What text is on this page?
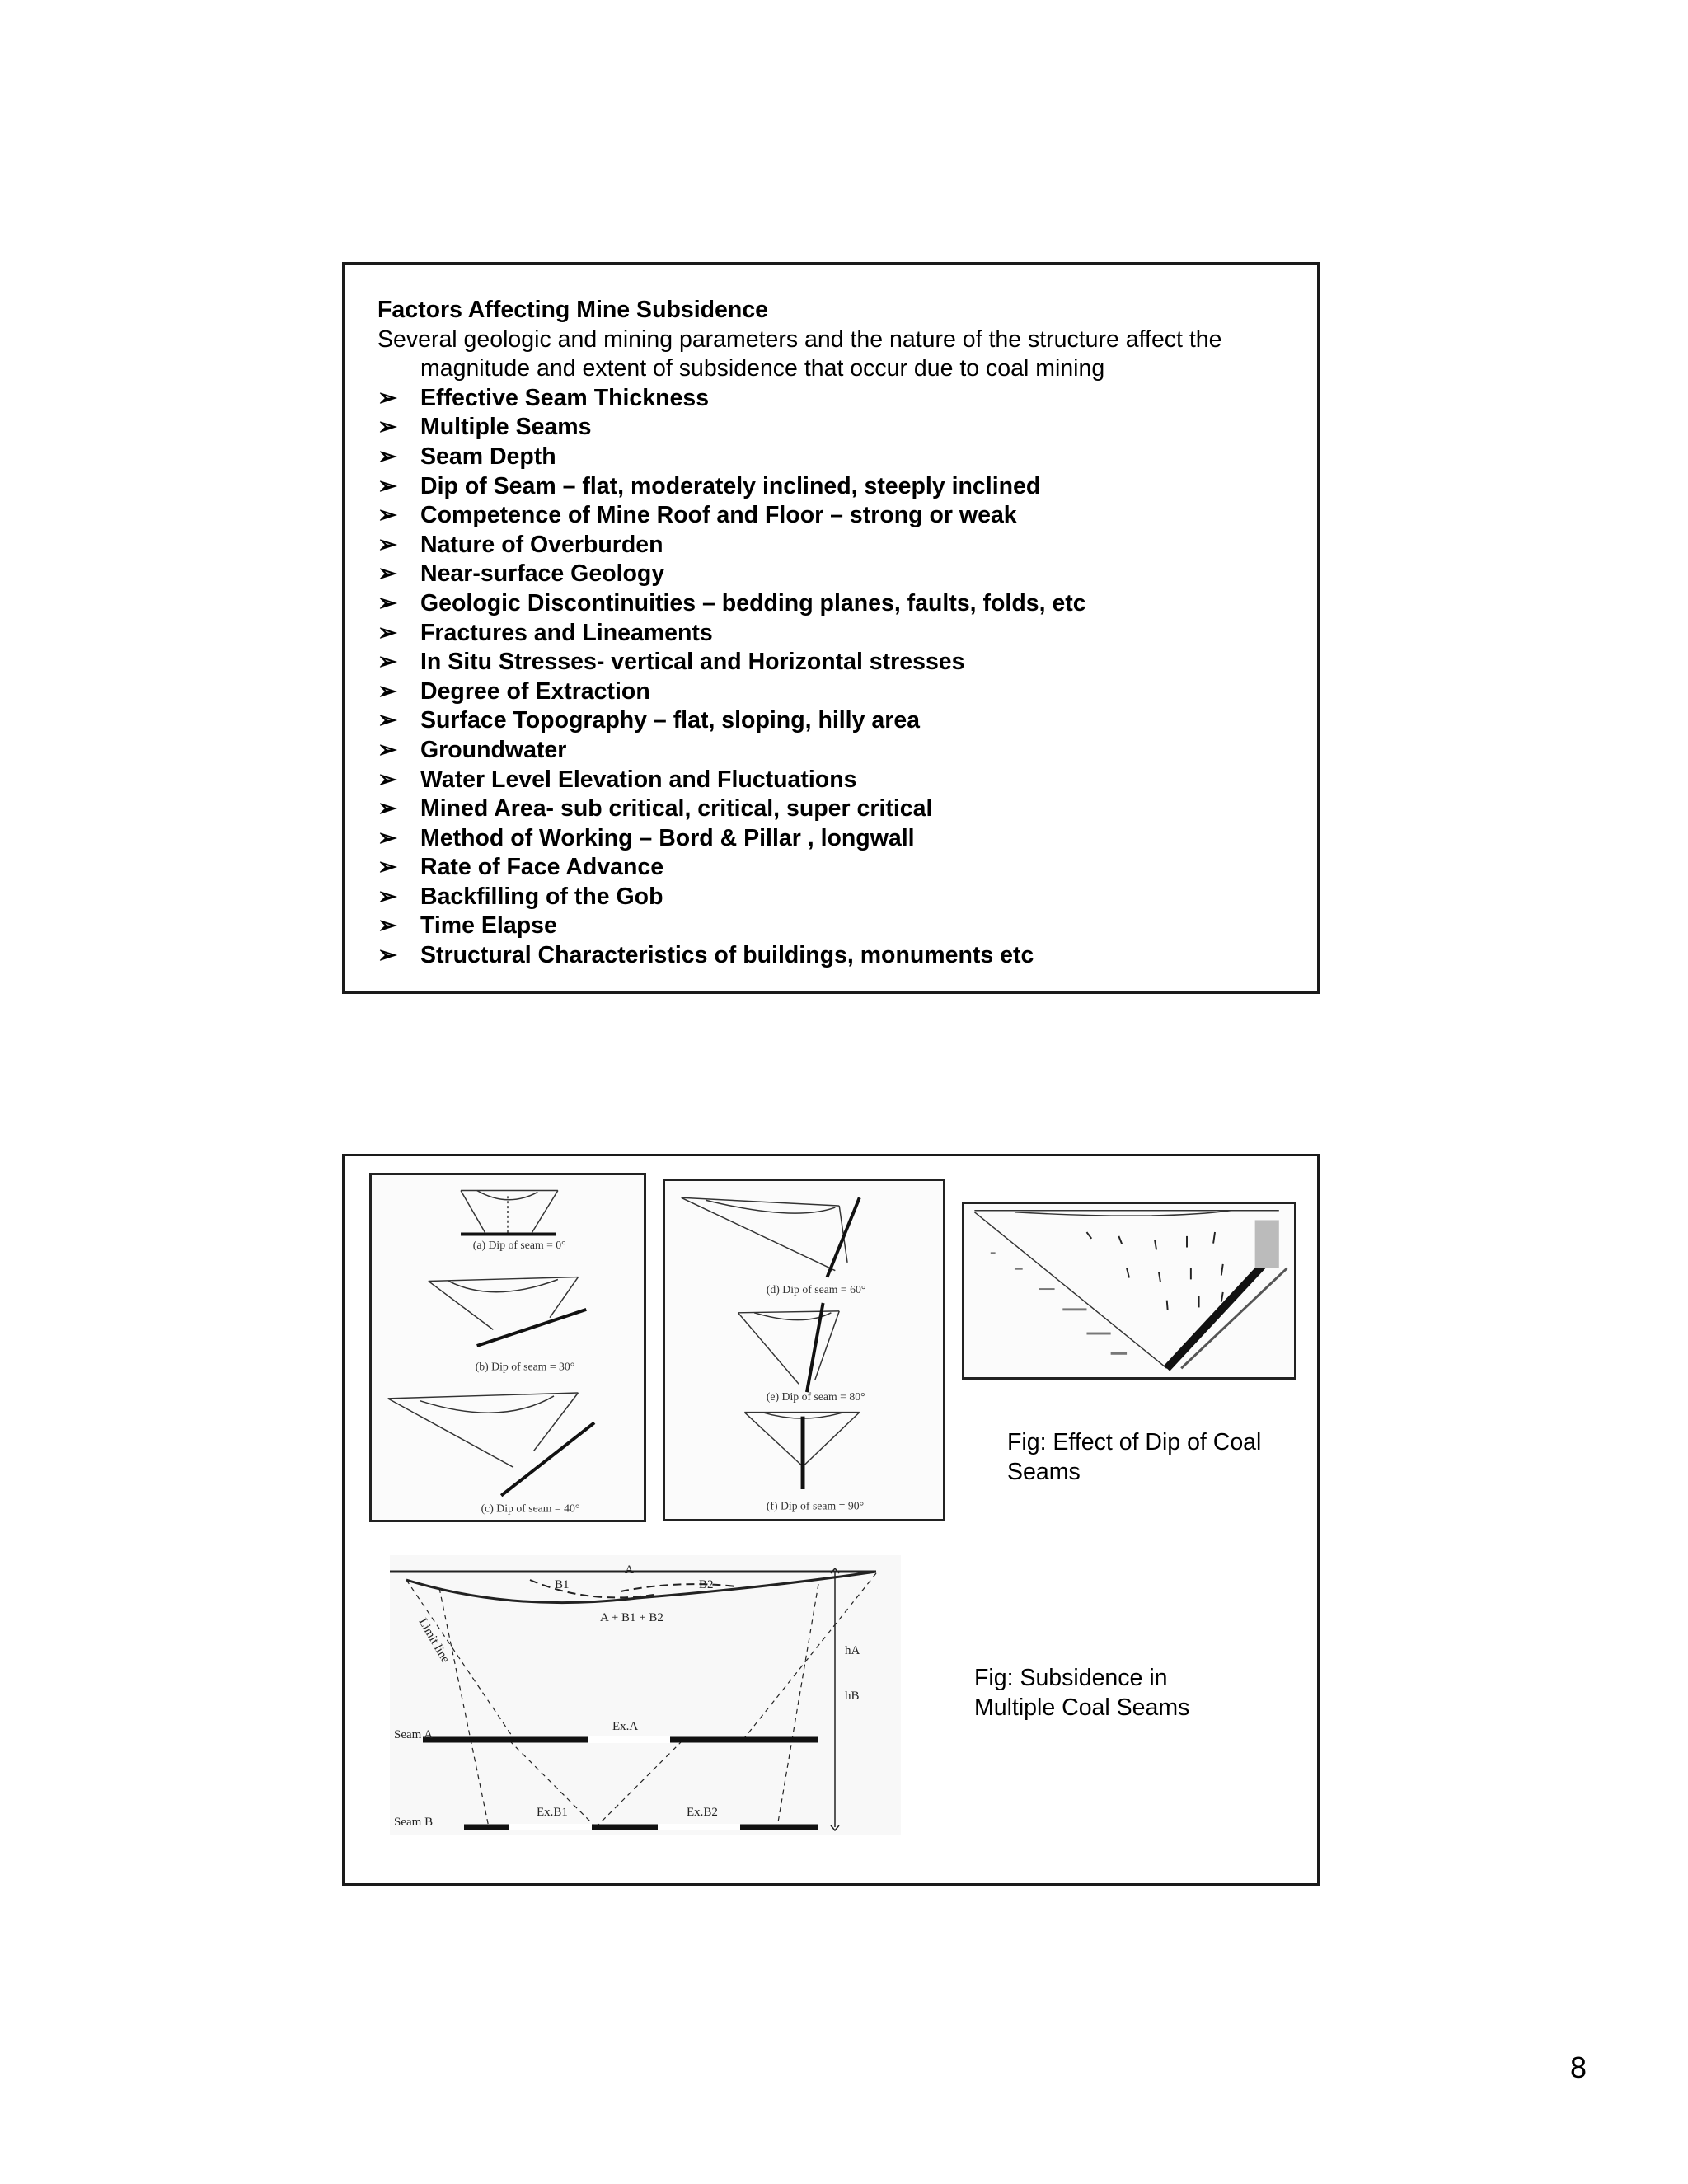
Factors Affecting Mine Subsidence
Several geologic and mining parameters and the nature of the structure affect the magnitude and extent of subsidence that occur due to coal mining
➢ Effective Seam Thickness
➢ Multiple Seams
➢ Seam Depth
➢ Dip of Seam – flat, moderately inclined, steeply inclined
➢ Competence of Mine Roof and Floor – strong or weak
➢ Nature of Overburden
➢ Near-surface Geology
➢ Geologic Discontinuities – bedding planes, faults, folds, etc
➢ Fractures and Lineaments
➢ In Situ Stresses- vertical and Horizontal stresses
➢ Degree of Extraction
➢ Surface Topography – flat, sloping, hilly area
➢ Groundwater
➢ Water Level Elevation and Fluctuations
➢ Mined Area- sub critical, critical, super critical
➢ Method of Working – Bord & Pillar , longwall
➢ Rate of Face Advance
➢ Backfilling of the Gob
➢ Time Elapse
➢ Structural Characteristics of buildings, monuments etc
(a) Dip of seam = 0°
(b) Dip of seam = 30°
(c) Dip of seam = 40°
(d) Dip of seam = 60°
(e) Dip of seam = 80°
(f) Dip of seam = 90°
Fig: Effect of Dip of Coal Seams
A
B1	B2
A + B1 + B2
Limit line
Seam A
Seam B
Ex.A
Ex.B1	Ex.B2
hA
hB
Fig: Subsidence in
Multiple Coal Seams
8
